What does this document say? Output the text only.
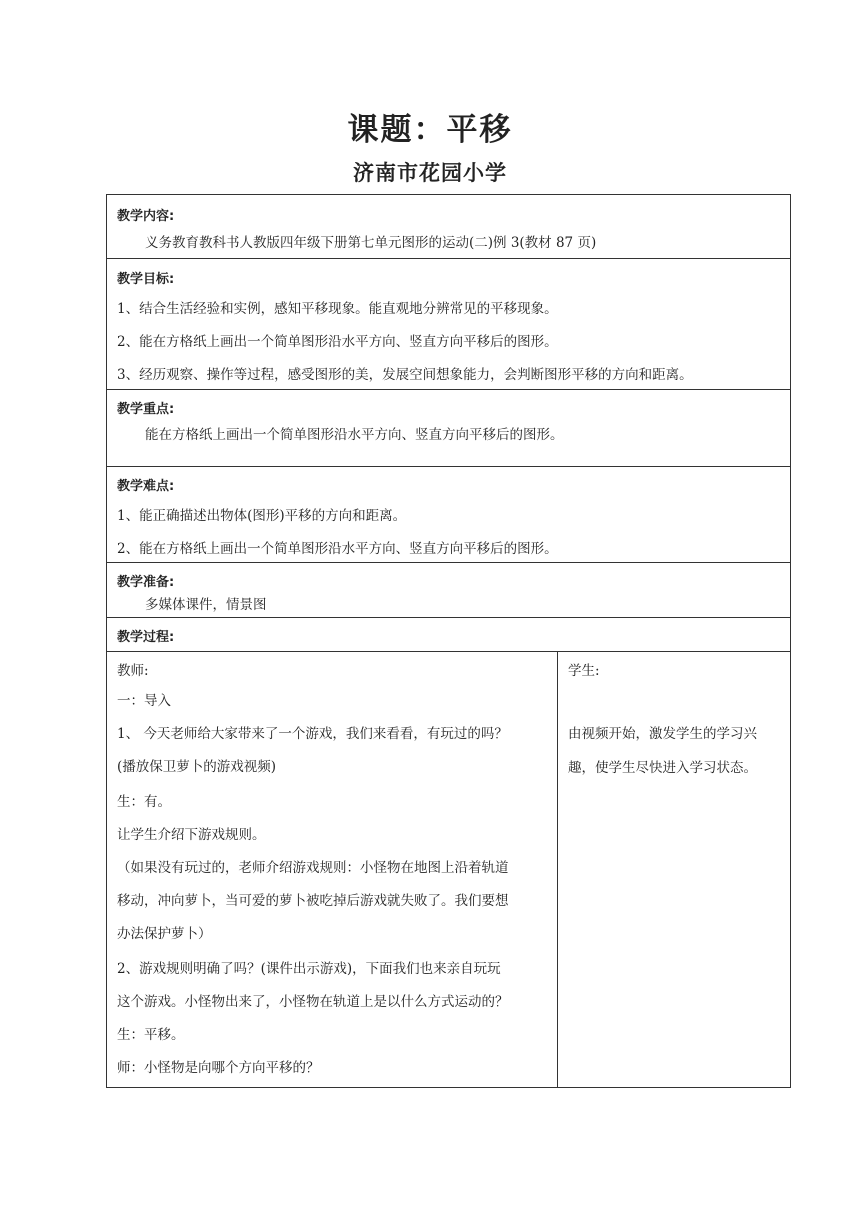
课题：平移
济南市花园小学
教学内容:
义务教育教科书人教版四年级下册第七单元图形的运动(二)例 3(教材 87 页)
教学目标:
1、结合生活经验和实例，感知平移现象。能直观地分辨常见的平移现象。
2、能在方格纸上画出一个简单图形沿水平方向、竖直方向平移后的图形。
3、经历观察、操作等过程，感受图形的美，发展空间想象能力，会判断图形平移的方向和距离。
教学重点:
能在方格纸上画出一个简单图形沿水平方向、竖直方向平移后的图形。
教学难点:
1、能正确描述出物体(图形)平移的方向和距离。
2、能在方格纸上画出一个简单图形沿水平方向、竖直方向平移后的图形。
教学准备:
多媒体课件，情景图
教学过程:
教师:
一：导入
1、 今天老师给大家带来了一个游戏，我们来看看，有玩过的吗？
(播放保卫萝卜的游戏视频)
生：有。
让学生介绍下游戏规则。
（如果没有玩过的，老师介绍游戏规则：小怪物在地图上沿着轨道
移动，冲向萝卜，当可爱的萝卜被吃掉后游戏就失败了。我们要想
办法保护萝卜）
2、游戏规则明确了吗？(课件出示游戏)，下面我们也来亲自玩玩
这个游戏。小怪物出来了，小怪物在轨道上是以什么方式运动的？
生：平移。
师：小怪物是向哪个方向平移的？
学生:
由视频开始，激发学生的学习兴
趣，使学生尽快进入学习状态。
